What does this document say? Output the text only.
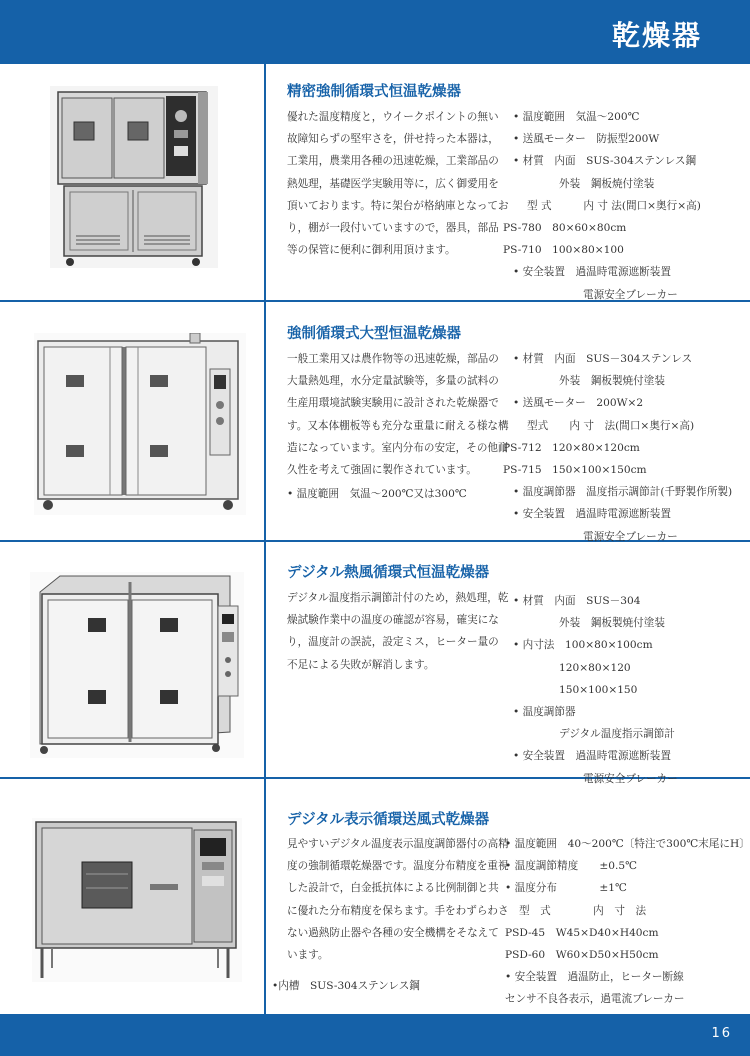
乾燥器
精密強制循環式恒温乾燥器
優れた温度精度と，ウイークポイントの無い故障知らずの堅牢さを，併せ持った本器は，工業用，農業用各種の迅速乾燥，工業部品の熱処理，基礎医学実験用等に，広く御愛用を頂いております。特に架台が格納庫となっており，棚が一段付いていますので，器具，部品等の保管に便利に御利用頂けます。
• 温度範囲　気温～200℃
• 送風モーター　防振型200W
• 材質　内面　SUS-304ステンレス鋼
外装　鋼板焼付塗装
型 式　　　内 寸 法(間口×奥行×高)
PS-780　80×60×80cm
PS-710　100×80×100
• 安全装置　過温時電源遮断装置
電源安全ブレーカー
強制循環式大型恒温乾燥器
一般工業用又は農作物等の迅速乾燥，部品の大量熱処理，水分定量試験等，多量の試料の生産用環境試験実験用に設計された乾燥器です。又本体棚板等も充分な重量に耐える様な構造になっています。室内分布の安定，その他耐久性を考えて強固に製作されています。
• 温度範囲　気温～200℃又は300℃
• 材質　内面　SUS－304ステンレス
外装　鋼板製焼付塗装
• 送風モーター　200W×2
型式　　内 寸　法(間口×奥行×高)
PS-712　120×80×120cm
PS-715　150×100×150cm
• 温度調節器　温度指示調節計(千野製作所製)
• 安全装置　過温時電源遮断装置
電源安全ブレーカー
デジタル熱風循環式恒温乾燥器
デジタル温度指示調節計付のため，熱処理，乾燥試験作業中の温度の確認が容易，確実になり，温度計の誤読，設定ミス，ヒーター量の不足による失敗が解消します。
• 材質　内面　SUS－304
外装　鋼板製焼付塗装
• 内寸法　100×80×100cm
120×80×120
150×100×150
• 温度調節器
デジタル温度指示調節計
• 安全装置　過温時電源遮断装置
電源安全ブレーカー
デジタル表示循環送風式乾燥器
見やすいデジタル温度表示温度調節器付の高精度の強制循環乾燥器です。温度分布精度を重視した設計で，白金抵抗体による比例制御と共に優れた分布精度を保ちます。手をわずらわさない過熱防止器や各種の安全機構をそなえています。
•内槽　SUS-304ステンレス鋼
• 温度範囲　40～200℃〔特注で300℃末尾にH〕
• 温度調節精度　　±0.5℃
• 温度分布　　　　±1℃
型　式　　　　内　寸　法
PSD-45　W45×D40×H40cm
PSD-60　W60×D50×H50cm
• 安全装置　過温防止，ヒーター断線
センサ不良各表示，過電流ブレーカー
16
